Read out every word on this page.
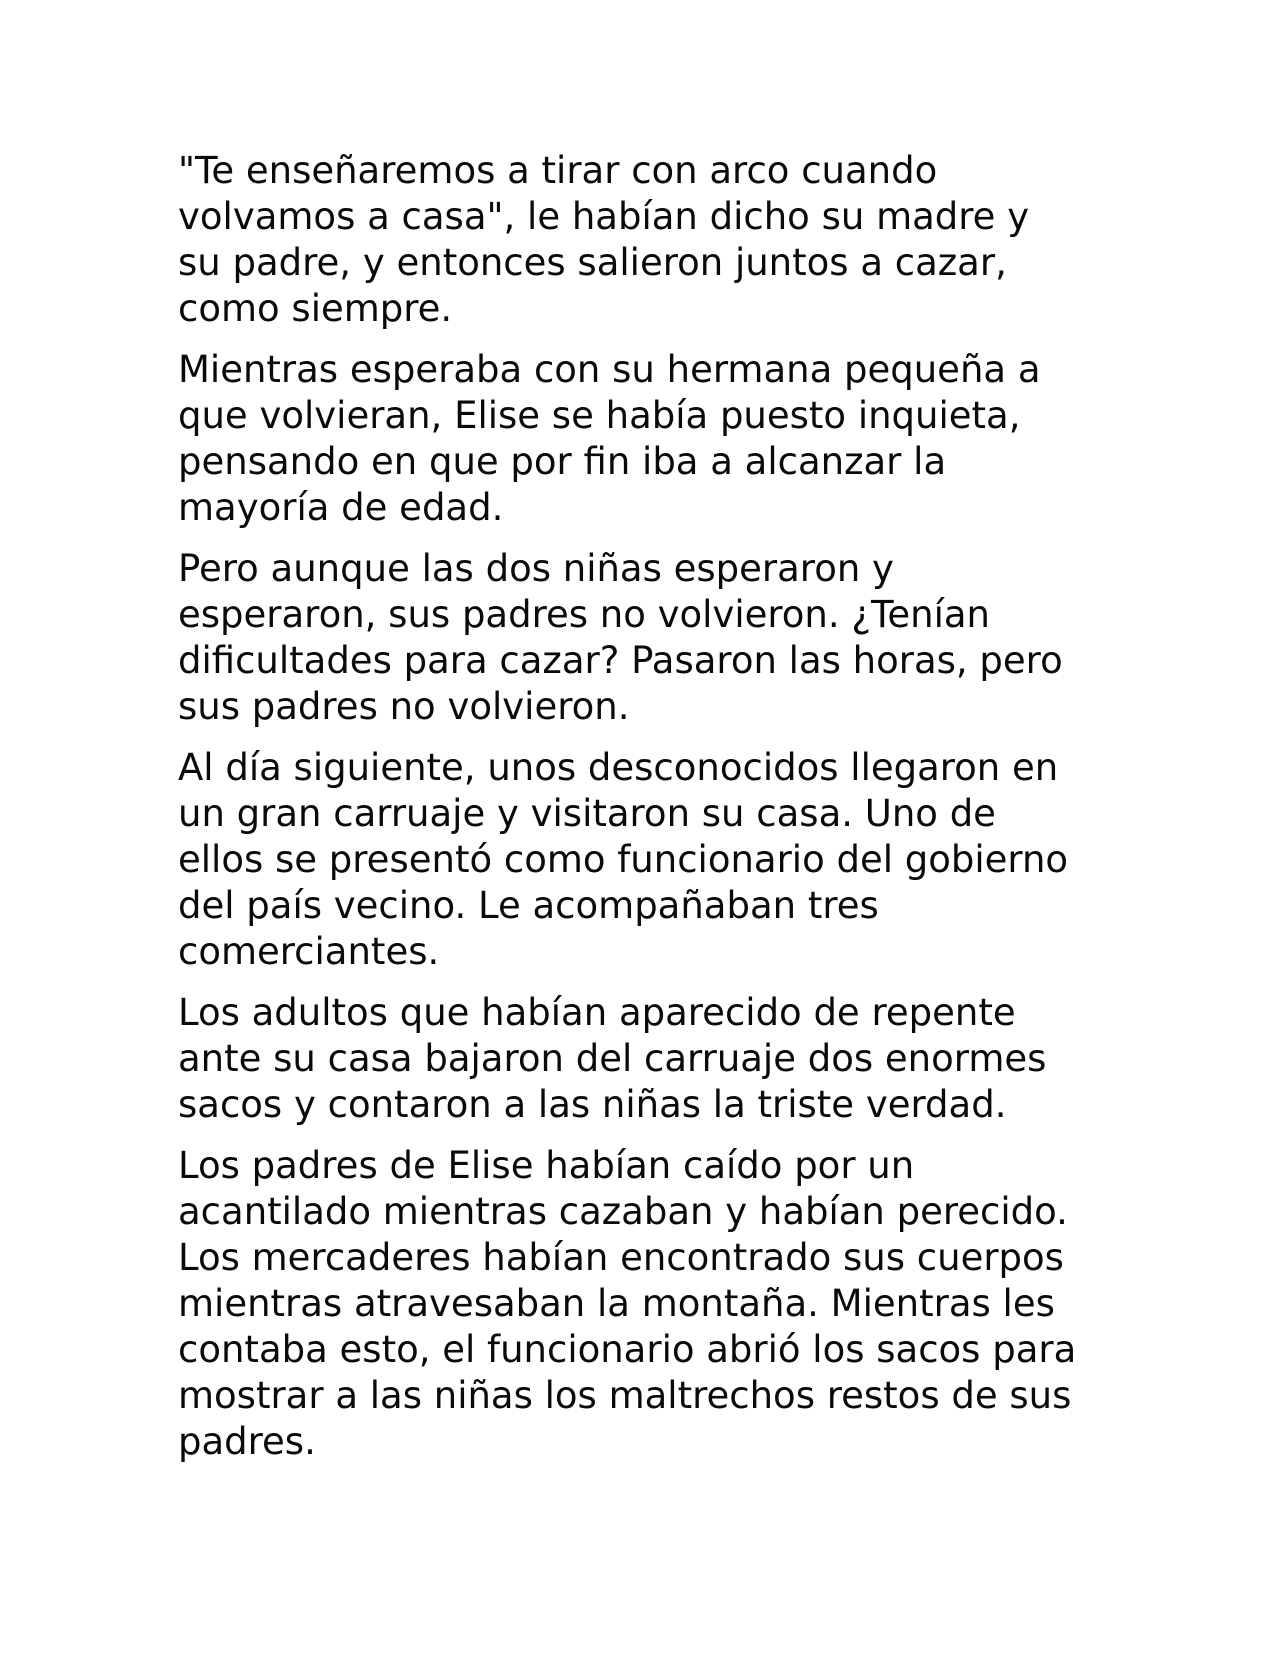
"Te enseñaremos a tirar con arco cuando
volvamos a casa", le habían dicho su madre y
su padre, y entonces salieron juntos a cazar,
como siempre.

Mientras esperaba con su hermana pequeña a
que volvieran, Elise se había puesto inquieta,
pensando en que por fin iba a alcanzar la
mayoría de edad.

Pero aunque las dos niñas esperaron y
esperaron, sus padres no volvieron. ¿Tenían
dificultades para cazar? Pasaron las horas, pero
sus padres no volvieron.

Al día siguiente, unos desconocidos llegaron en
un gran carruaje y visitaron su casa. Uno de
ellos se presentó como funcionario del gobierno
del país vecino. Le acompañaban tres
comerciantes.

Los adultos que habían aparecido de repente
ante su casa bajaron del carruaje dos enormes
sacos y contaron a las niñas la triste verdad.

Los padres de Elise habían caído por un
acantilado mientras cazaban y habían perecido.
Los mercaderes habían encontrado sus cuerpos
mientras atravesaban la montaña. Mientras les
contaba esto, el funcionario abrió los sacos para
mostrar a las niñas los maltrechos restos de sus
padres.
